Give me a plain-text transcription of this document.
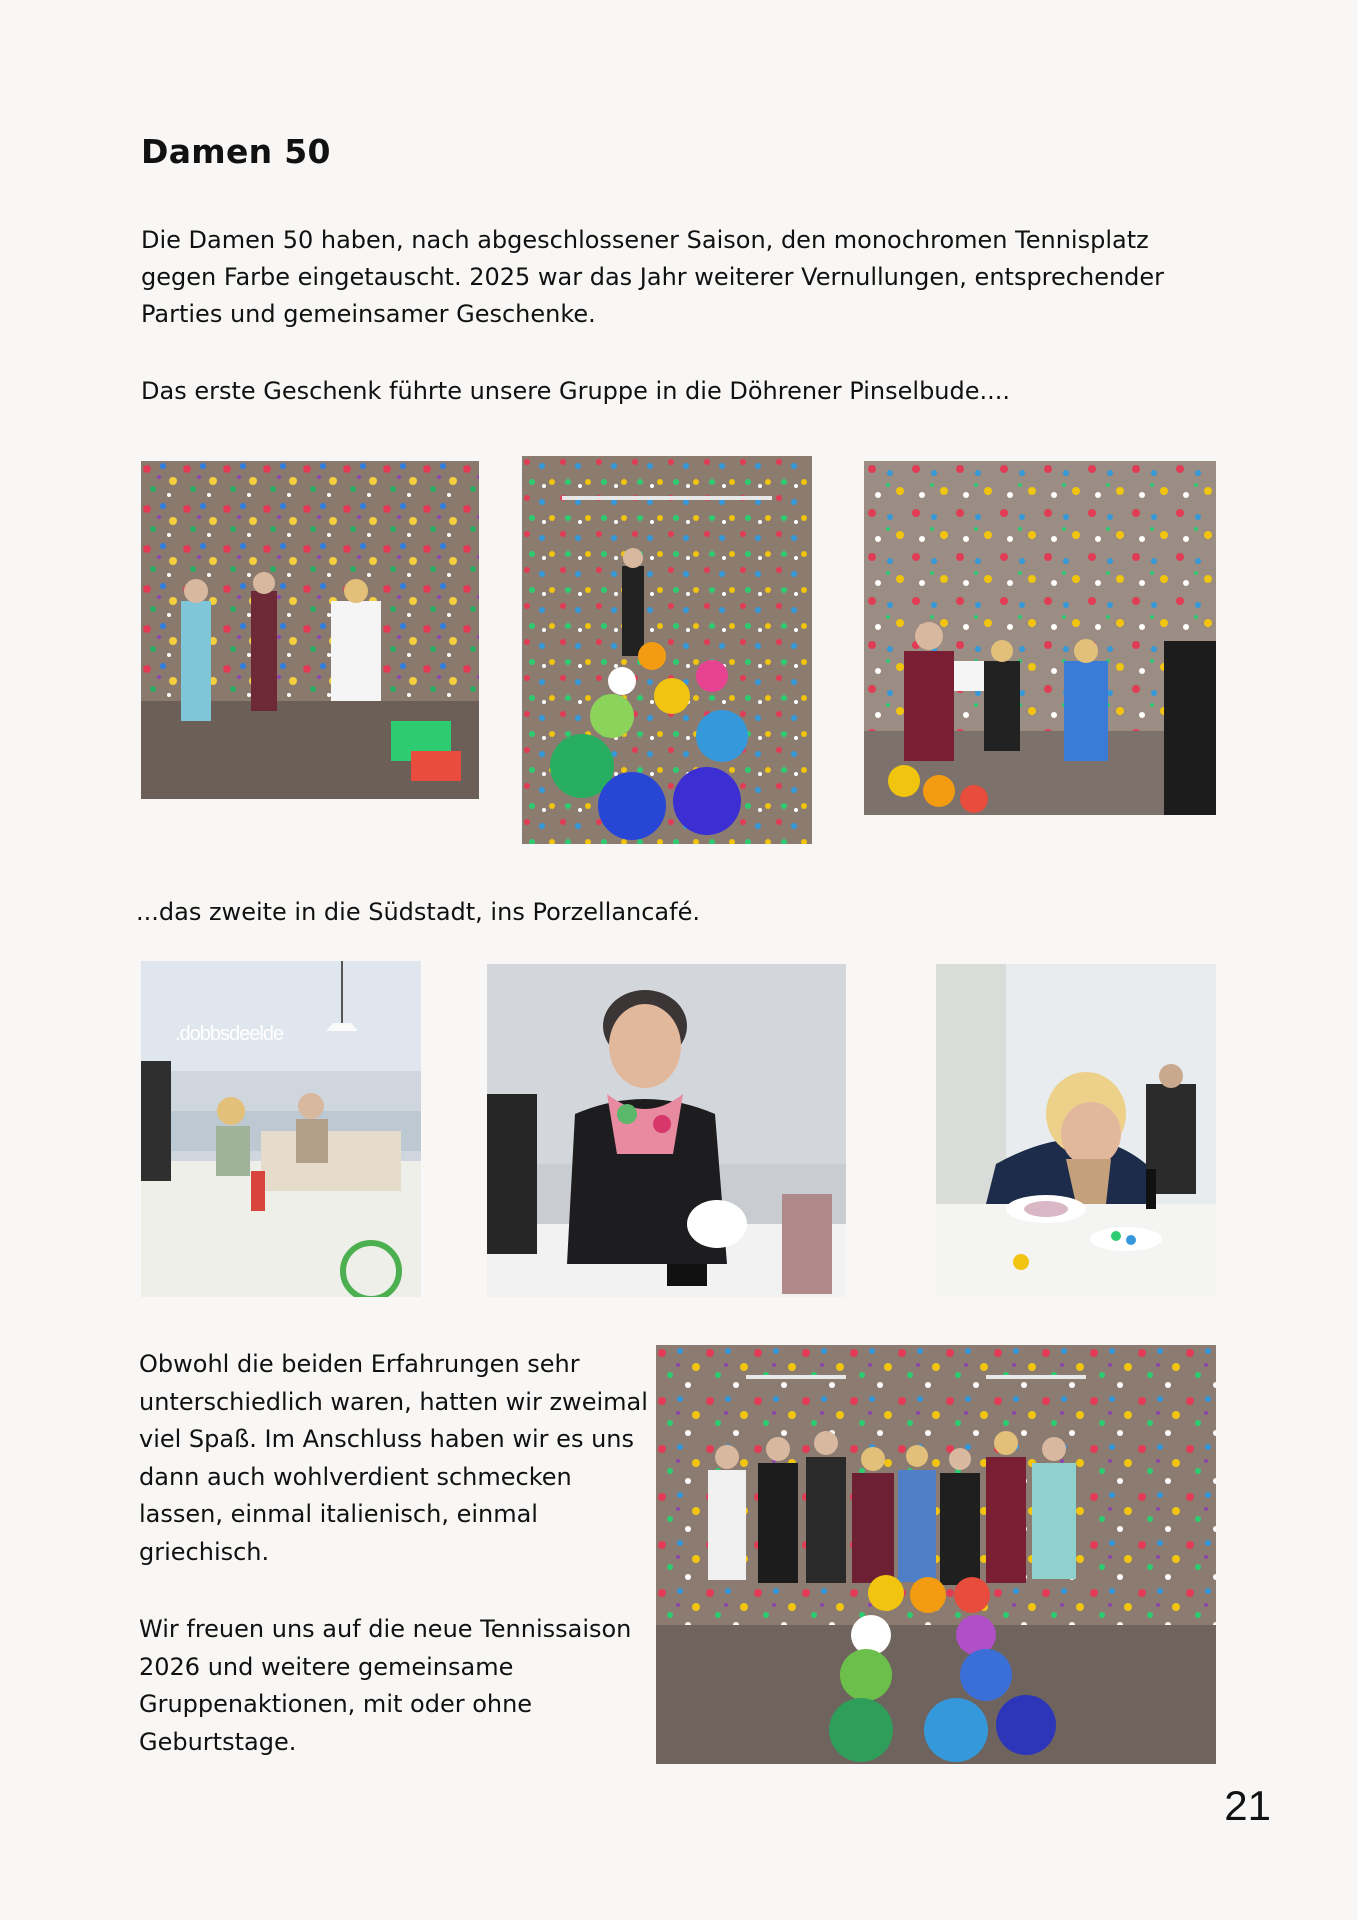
Damen 50

Die Damen 50 haben, nach abgeschlossener Saison, den monochromen Tennisplatz gegen Farbe eingetauscht. 2025 war das Jahr weiterer Vernullungen, entsprechender Parties und gemeinsamer Geschenke.

Das erste Geschenk führte unsere Gruppe in die Döhrener Pinselbude....

...das zweite in die Südstadt, ins Porzellancafé.

.dobbsdeelde

Obwohl die beiden Erfahrungen sehr unterschiedlich waren, hatten wir zweimal viel Spaß. Im Anschluss haben wir es uns dann auch wohlverdient schmecken lassen, einmal italienisch, einmal griechisch.

Wir freuen uns auf die neue Tennissaison 2026 und weitere gemeinsame Gruppenaktionen, mit oder ohne Geburtstage.

21
